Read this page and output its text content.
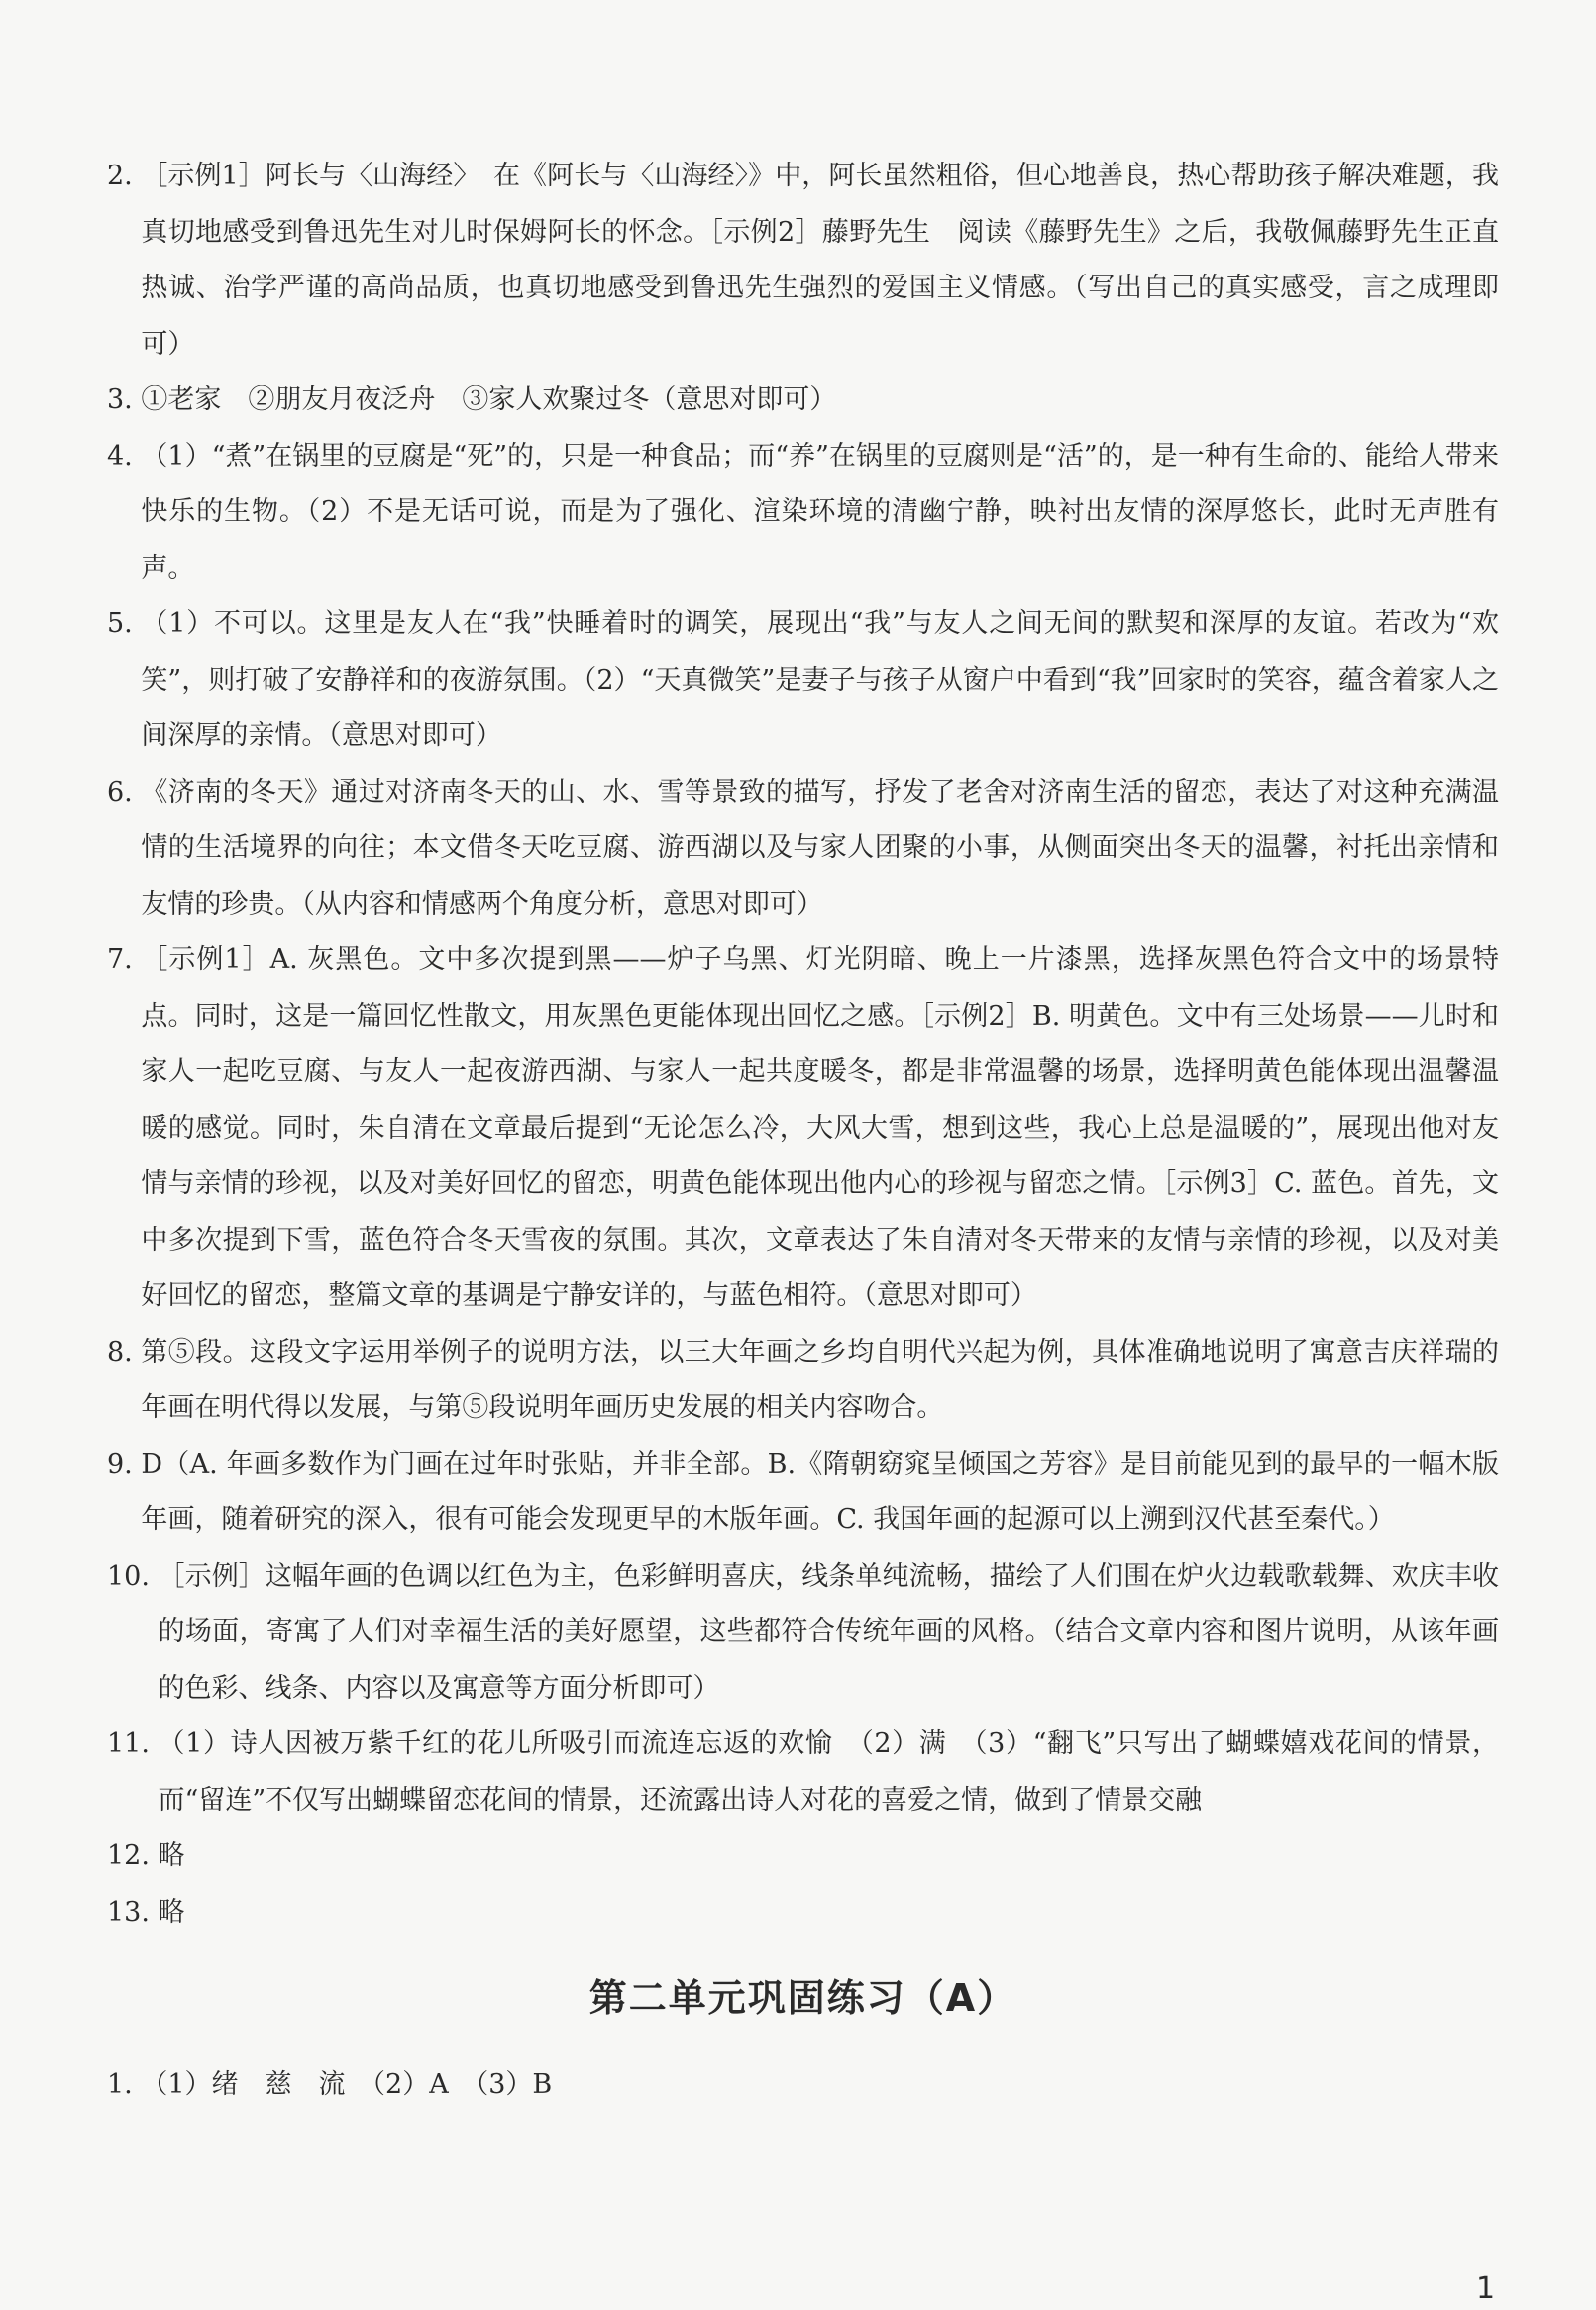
2.
［示例1］阿长与〈山海经〉　在《阿长与〈山海经〉》中，阿长虽然粗俗，但心地善良，热心帮助孩子解决难题，我真切地感受到鲁迅先生对儿时保姆阿长的怀念。［示例2］藤野先生　阅读《藤野先生》之后，我敬佩藤野先生正直热诚、治学严谨的高尚品质，也真切地感受到鲁迅先生强烈的爱国主义情感。（写出自己的真实感受，言之成理即可）
3.
①老家　②朋友月夜泛舟　③家人欢聚过冬（意思对即可）
4.
（1）“煮”在锅里的豆腐是“死”的，只是一种食品；而“养”在锅里的豆腐则是“活”的，是一种有生命的、能给人带来快乐的生物。（2）不是无话可说，而是为了强化、渲染环境的清幽宁静，映衬出友情的深厚悠长，此时无声胜有声。
5.
（1）不可以。这里是友人在“我”快睡着时的调笑，展现出“我”与友人之间无间的默契和深厚的友谊。若改为“欢笑”，则打破了安静祥和的夜游氛围。（2）“天真微笑”是妻子与孩子从窗户中看到“我”回家时的笑容，蕴含着家人之间深厚的亲情。（意思对即可）
6.
《济南的冬天》通过对济南冬天的山、水、雪等景致的描写，抒发了老舍对济南生活的留恋，表达了对这种充满温情的生活境界的向往；本文借冬天吃豆腐、游西湖以及与家人团聚的小事，从侧面突出冬天的温馨，衬托出亲情和友情的珍贵。（从内容和情感两个角度分析，意思对即可）
7.
［示例1］A. 灰黑色。文中多次提到黑——炉子乌黑、灯光阴暗、晚上一片漆黑，选择灰黑色符合文中的场景特点。同时，这是一篇回忆性散文，用灰黑色更能体现出回忆之感。［示例2］B. 明黄色。文中有三处场景——儿时和家人一起吃豆腐、与友人一起夜游西湖、与家人一起共度暖冬，都是非常温馨的场景，选择明黄色能体现出温馨温暖的感觉。同时，朱自清在文章最后提到“无论怎么冷，大风大雪，想到这些，我心上总是温暖的”，展现出他对友情与亲情的珍视，以及对美好回忆的留恋，明黄色能体现出他内心的珍视与留恋之情。［示例3］C. 蓝色。首先，文中多次提到下雪，蓝色符合冬天雪夜的氛围。其次，文章表达了朱自清对冬天带来的友情与亲情的珍视，以及对美好回忆的留恋，整篇文章的基调是宁静安详的，与蓝色相符。（意思对即可）
8.
第⑤段。这段文字运用举例子的说明方法，以三大年画之乡均自明代兴起为例，具体准确地说明了寓意吉庆祥瑞的年画在明代得以发展，与第⑤段说明年画历史发展的相关内容吻合。
9.
D（A. 年画多数作为门画在过年时张贴，并非全部。B.《隋朝窈窕呈倾国之芳容》是目前能见到的最早的一幅木版年画，随着研究的深入，很有可能会发现更早的木版年画。C. 我国年画的起源可以上溯到汉代甚至秦代。）
10.
［示例］这幅年画的色调以红色为主，色彩鲜明喜庆，线条单纯流畅，描绘了人们围在炉火边载歌载舞、欢庆丰收的场面，寄寓了人们对幸福生活的美好愿望，这些都符合传统年画的风格。（结合文章内容和图片说明，从该年画的色彩、线条、内容以及寓意等方面分析即可）
11.
（1）诗人因被万紫千红的花儿所吸引而流连忘返的欢愉　（2）满　（3）“翻飞”只写出了蝴蝶嬉戏花间的情景，而“留连”不仅写出蝴蝶留恋花间的情景，还流露出诗人对花的喜爱之情，做到了情景交融
12.
略
13.
略
第二单元巩固练习（A）
1.
（1）绪　慈　流　（2）A　（3）B
1
